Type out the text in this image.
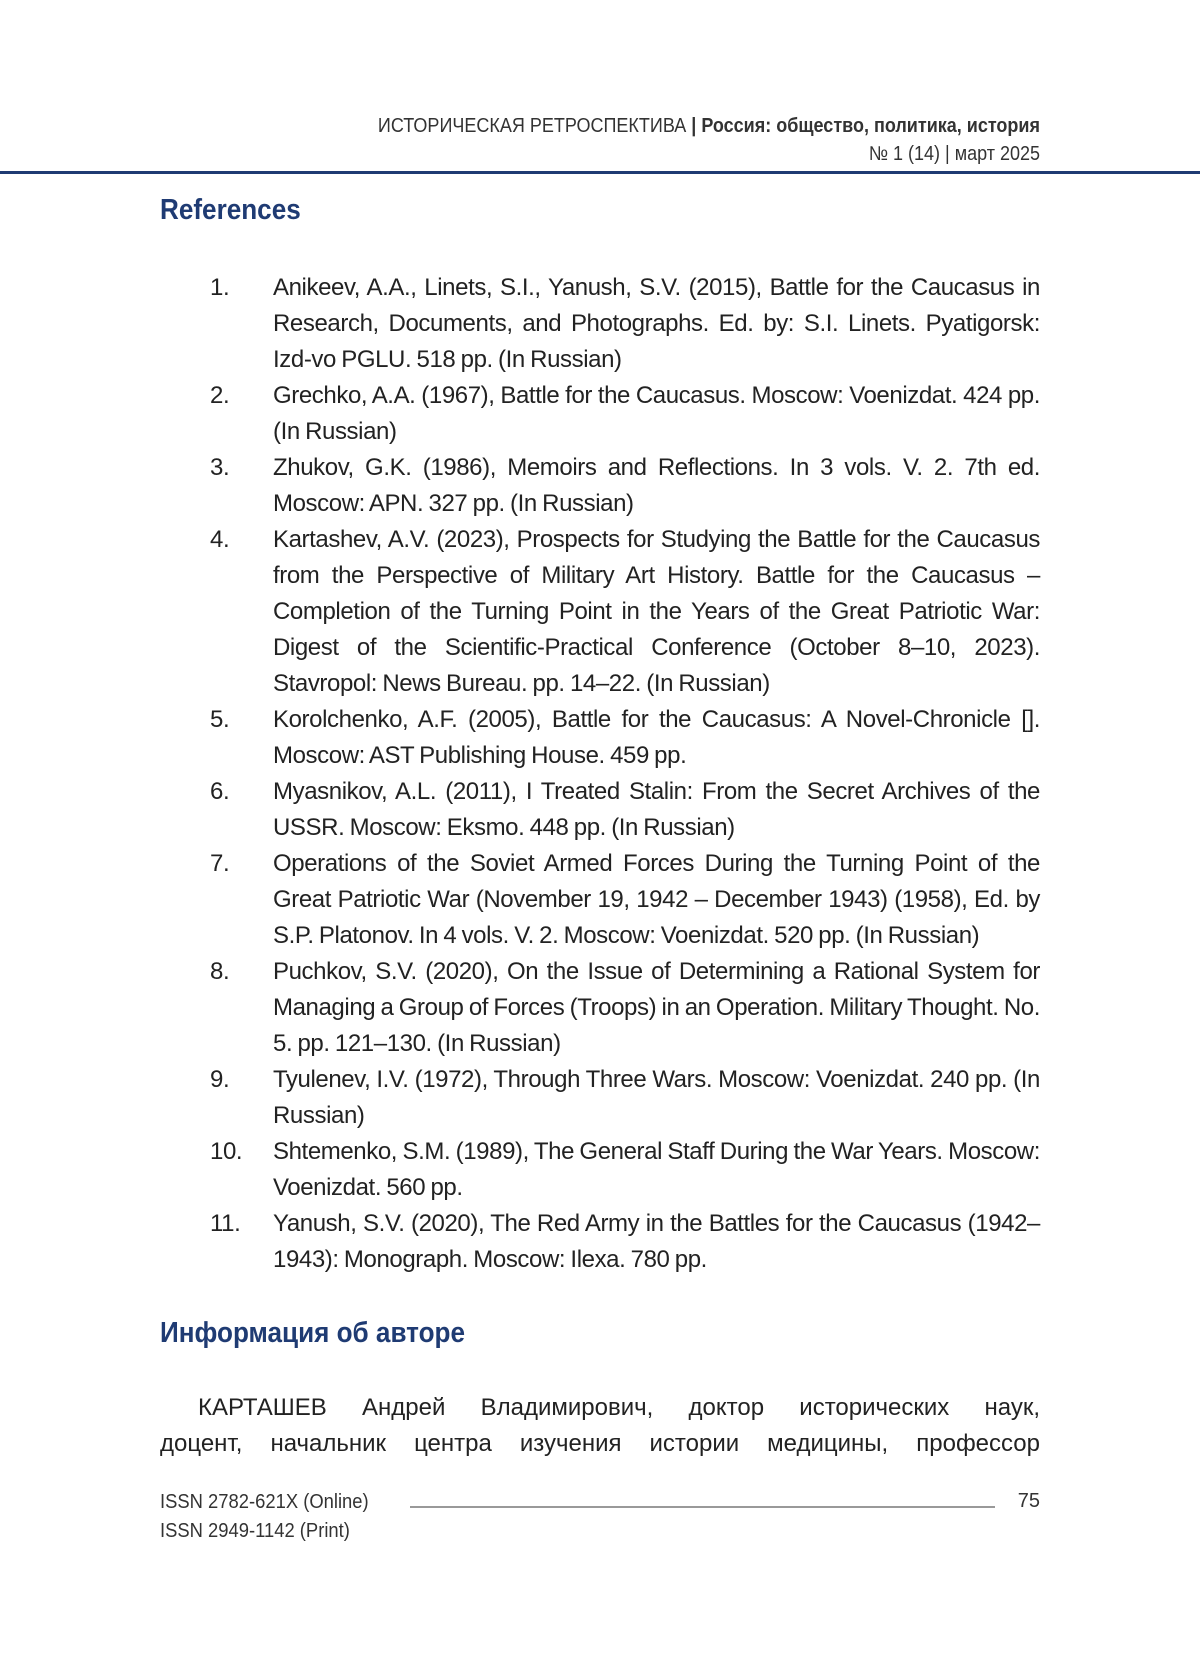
ИСТОРИЧЕСКАЯ РЕТРОСПЕКТИВА | Россия: общество, политика, история
№ 1 (14) | март 2025
References
1. Anikeev, A.A., Linets, S.I., Yanush, S.V. (2015), Battle for the Caucasus in Research, Documents, and Photographs. Ed. by: S.I. Linets. Pyatigorsk: Izd-vo PGLU. 518 pp. (In Russian)
2. Grechko, A.A. (1967), Battle for the Caucasus. Moscow: Voenizdat. 424 pp. (In Russian)
3. Zhukov, G.K. (1986), Memoirs and Reflections. In 3 vols. V. 2. 7th ed. Moscow: APN. 327 pp. (In Russian)
4. Kartashev, A.V. (2023), Prospects for Studying the Battle for the Caucasus from the Perspective of Military Art History. Battle for the Caucasus – Completion of the Turning Point in the Years of the Great Patriotic War: Digest of the Scientific-Practical Conference (October 8–10, 2023). Stavropol: News Bureau. pp. 14–22. (In Russian)
5. Korolchenko, A.F. (2005), Battle for the Caucasus: A Novel-Chronicle []. Moscow: AST Publishing House. 459 pp.
6. Myasnikov, A.L. (2011), I Treated Stalin: From the Secret Archives of the USSR. Moscow: Eksmo. 448 pp. (In Russian)
7. Operations of the Soviet Armed Forces During the Turning Point of the Great Patriotic War (November 19, 1942 – December 1943) (1958), Ed. by S.P. Platonov. In 4 vols. V. 2. Moscow: Voenizdat. 520 pp. (In Russian)
8. Puchkov, S.V. (2020), On the Issue of Determining a Rational System for Managing a Group of Forces (Troops) in an Operation. Military Thought. No. 5. pp. 121–130. (In Russian)
9. Tyulenev, I.V. (1972), Through Three Wars. Moscow: Voenizdat. 240 pp. (In Russian)
10. Shtemenko, S.M. (1989), The General Staff During the War Years. Moscow: Voenizdat. 560 pp.
11. Yanush, S.V. (2020), The Red Army in the Battles for the Caucasus (1942–1943): Monograph. Moscow: Ilexa. 780 pp.
Информация об авторе

КАРТАШЕВ Андрей Владимирович, доктор исторических наук,
доцент, начальник центра изучения истории медицины, профессор

ISSN 2782-621X (Online)
ISSN 2949-1142 (Print)
75
